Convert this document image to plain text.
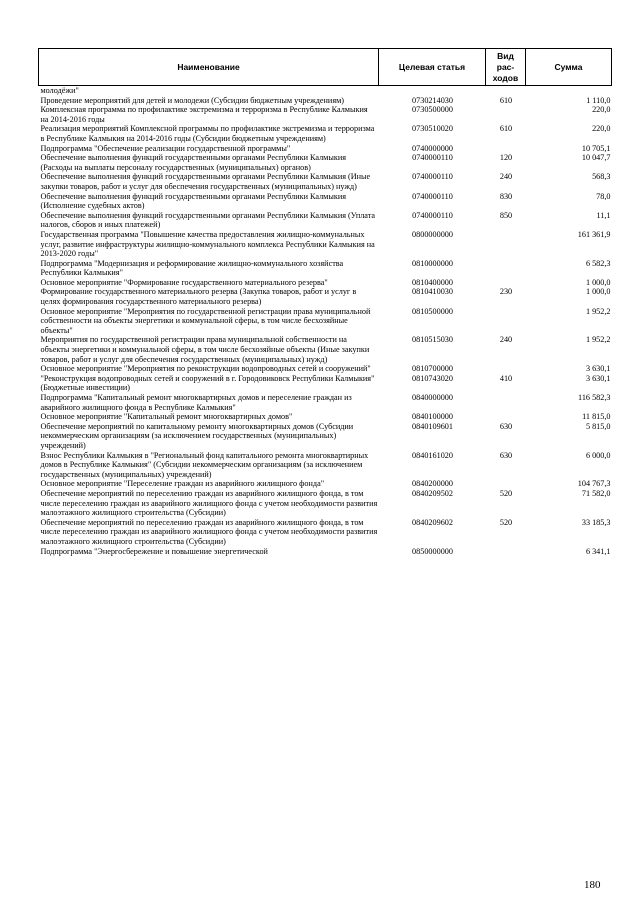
Наименование	Целевая статья	Вид рас-ходов	Сумма
молодёжи"			
Проведение мероприятий для детей и молодежи (Субсидии бюджетным учреждениям)	0730214030	610	1 110,0
Комплексная программа по профилактике экстремизма и терроризма в Республике Калмыкия на 2014-2016 годы	0730500000		220,0
Реализация мероприятий Комплексной программы по профилактике экстремизма и терроризма в Республике Калмыкия на 2014-2016 годы (Субсидии бюджетным учреждениям)	0730510020	610	220,0
Подпрограмма "Обеспечение реализации государственной программы"	0740000000		10 705,1
Обеспечение выполнения функций государственными органами Республики Калмыкия (Расходы на выплаты персоналу государственных (муниципальных) органов)	0740000110	120	10 047,7
Обеспечение выполнения функций государственными органами Республики Калмыкия (Иные закупки товаров, работ и услуг для обеспечения государственных (муниципальных) нужд)	0740000110	240	568,3
Обеспечение выполнения функций государственными органами Республики Калмыкия (Исполнение судебных актов)	0740000110	830	78,0
Обеспечение выполнения функций государственными органами Республики Калмыкия (Уплата налогов, сборов и иных платежей)	0740000110	850	11,1
Государственная программа "Повышение качества предоставления жилищно-коммунальных услуг, развитие инфраструктуры жилищно-коммунального комплекса Республики Калмыкия на 2013-2020 годы"	0800000000		161 361,9
Подпрограмма "Модернизация и реформирование жилищно-коммунального хозяйства Республики Калмыкия"	0810000000		6 582,3
Основное мероприятие "Формирование государственного материального резерва"	0810400000		1 000,0
Формирование государственного материального резерва (Закупка товаров, работ и услуг в целях формирования государственного материального резерва)	0810410030	230	1 000,0
Основное мероприятие "Мероприятия по государственной регистрации права муниципальной собственности на объекты энергетики и коммунальной сферы, в том числе бесхозяйные объекты"	0810500000		1 952,2
Мероприятия по государственной регистрации права муниципальной собственности на объекты энергетики и коммунальной сферы, в том числе бесхозяйные объекты (Иные закупки товаров, работ и услуг для обеспечения государственных (муниципальных) нужд)	0810515030	240	1 952,2
Основное мероприятие "Мероприятия по реконструкции водопроводных сетей и сооружений"	0810700000		3 630,1
"Реконструкция водопроводных сетей и сооружений в г. Городовиковск Республики Калмыкия" (Бюджетные инвестиции)	0810743020	410	3 630,1
Подпрограмма "Капитальный ремонт многоквартирных домов и переселение граждан из аварийного жилищного фонда в Республике Калмыкия"	0840000000		116 582,3
Основное мероприятие "Капитальный ремонт многоквартирных домов"	0840100000		11 815,0
Обеспечение мероприятий по капитальному ремонту многоквартирных домов (Субсидии некоммерческим организациям (за исключением государственных (муниципальных) учреждений)	0840109601	630	5 815,0
Взнос Республики Калмыкия в "Региональный фонд капитального ремонта многоквартирных домов в Республике Калмыкия" (Субсидии некоммерческим организациям (за исключением государственных (муниципальных) учреждений)	0840161020	630	6 000,0
Основное мероприятие "Переселение граждан из аварийного жилищного фонда"	0840200000		104 767,3
Обеспечение мероприятий по переселению граждан из аварийного жилищного фонда, в том числе переселению граждан из аварийного жилищного фонда с учетом необходимости развития малоэтажного жилищного строительства (Субсидии)	0840209502	520	71 582,0
Обеспечение мероприятий по переселению граждан из аварийного жилищного фонда, в том числе переселению граждан из аварийного жилищного фонда с учетом необходимости развития малоэтажного жилищного строительства (Субсидии)	0840209602	520	33 185,3
Подпрограмма "Энергосбережение и повышение энергетической	0850000000		6 341,1
180
